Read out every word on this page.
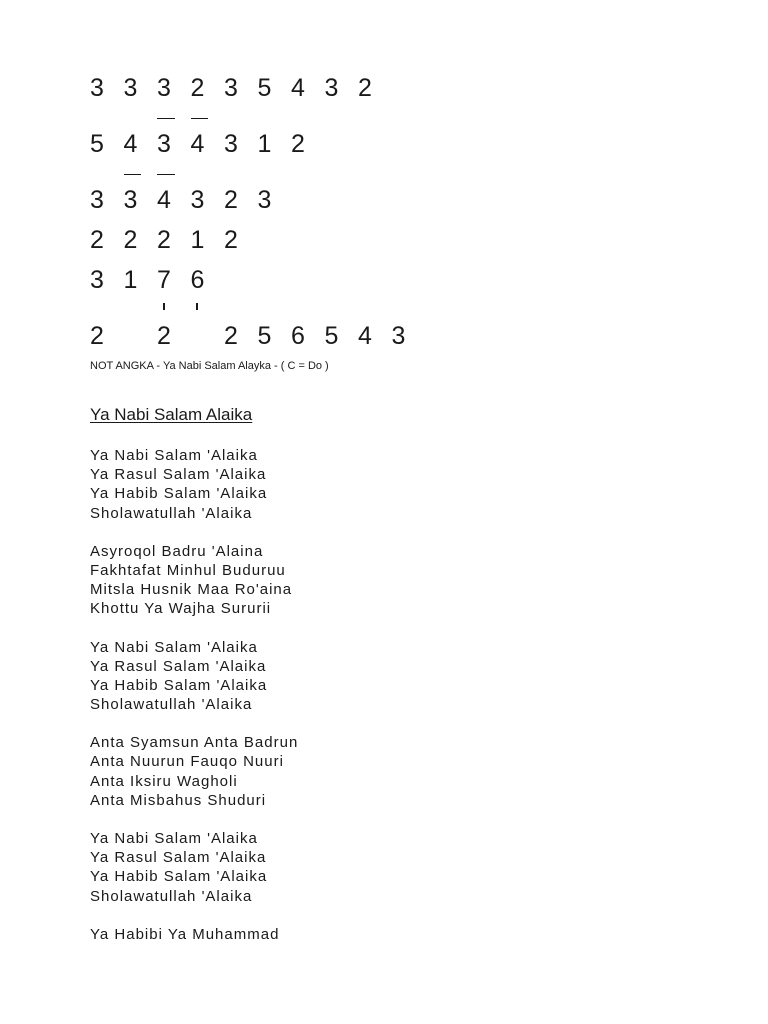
3 3 3 2 3 5 4 3 2
5 4 3 4 3 1 2
3 3 4 3 2 3
2 2 2 1 2
3 1 7 6
2 2 2 5 6 5 4 3
NOT ANGKA - Ya Nabi Salam Alayka - ( C = Do )
Ya Nabi Salam Alaika
Ya Nabi Salam 'Alaika
Ya Rasul Salam 'Alaika
Ya Habib Salam 'Alaika
Sholawatullah 'Alaika
Asyroqol Badru 'Alaina
Fakhtafat Minhul Buduruu
Mitsla Husnik Maa Ro'aina
Khottu Ya Wajha Sururii
Ya Nabi Salam 'Alaika
Ya Rasul Salam 'Alaika
Ya Habib Salam 'Alaika
Sholawatullah 'Alaika
Anta Syamsun Anta Badrun
Anta Nuurun Fauqo Nuuri
Anta Iksiru Wagholi
Anta Misbahus Shuduri
Ya Nabi Salam 'Alaika
Ya Rasul Salam 'Alaika
Ya Habib Salam 'Alaika
Sholawatullah 'Alaika
Ya Habibi Ya Muhammad
